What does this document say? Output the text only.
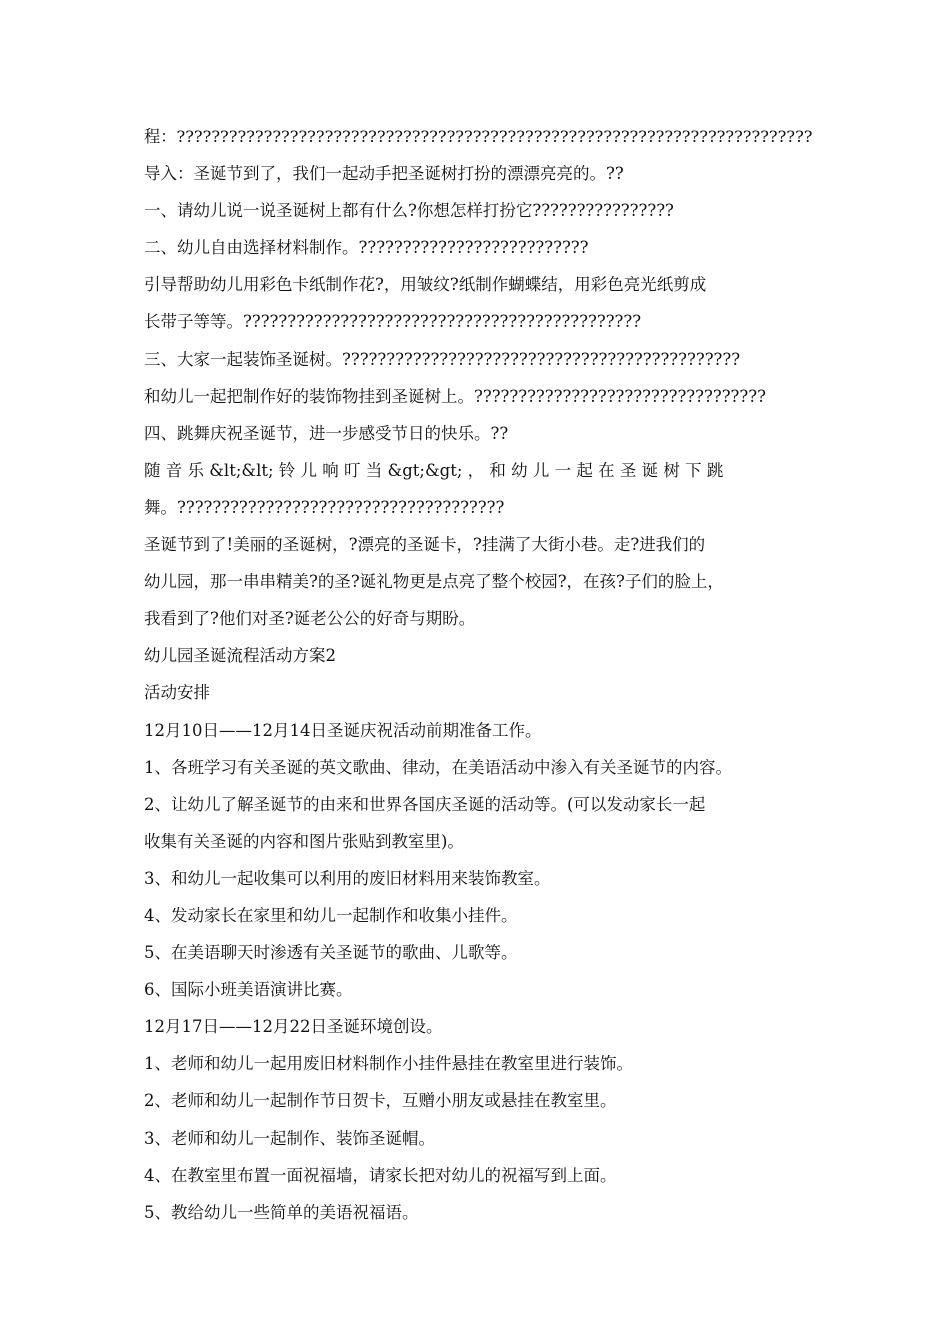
程：?????????????????????????????????????????????????????????????????????????
导入：圣诞节到了，我们一起动手把圣诞树打扮的漂漂亮亮的。??
一、请幼儿说一说圣诞树上都有什么?你想怎样打扮它????????????????
二、幼儿自由选择材料制作。??????????????????????????
引导帮助幼儿用彩色卡纸制作花?，用皱纹?纸制作蝴蝶结，用彩色亮光纸剪成
长带子等等。?????????????????????????????????????????????
三、大家一起装饰圣诞树。?????????????????????????????????????????????
和幼儿一起把制作好的装饰物挂到圣诞树上。?????????????????????????????????
四、跳舞庆祝圣诞节，进一步感受节日的快乐。??
随 音 乐 &lt;&lt; 铃 儿 响 叮 当 &gt;&gt; ， 和 幼 儿 一 起 在 圣 诞 树 下 跳
舞。?????????????????????????????????????
圣诞节到了!美丽的圣诞树，?漂亮的圣诞卡，?挂满了大街小巷。走?进我们的
幼儿园，那一串串精美?的圣?诞礼物更是点亮了整个校园?，在孩?子们的脸上，
我看到了?他们对圣?诞老公公的好奇与期盼。
幼儿园圣诞流程活动方案2
活动安排
12月10日——12月14日圣诞庆祝活动前期准备工作。
1、各班学习有关圣诞的英文歌曲、律动，在美语活动中渗入有关圣诞节的内容。
2、让幼儿了解圣诞节的由来和世界各国庆圣诞的活动等。(可以发动家长一起
收集有关圣诞的内容和图片张贴到教室里)。
3、和幼儿一起收集可以利用的废旧材料用来装饰教室。
4、发动家长在家里和幼儿一起制作和收集小挂件。
5、在美语聊天时渗透有关圣诞节的歌曲、儿歌等。
6、国际小班美语演讲比赛。
12月17日——12月22日圣诞环境创设。
1、老师和幼儿一起用废旧材料制作小挂件悬挂在教室里进行装饰。
2、老师和幼儿一起制作节日贺卡，互赠小朋友或悬挂在教室里。
3、老师和幼儿一起制作、装饰圣诞帽。
4、在教室里布置一面祝福墙，请家长把对幼儿的祝福写到上面。
5、教给幼儿一些简单的美语祝福语。
